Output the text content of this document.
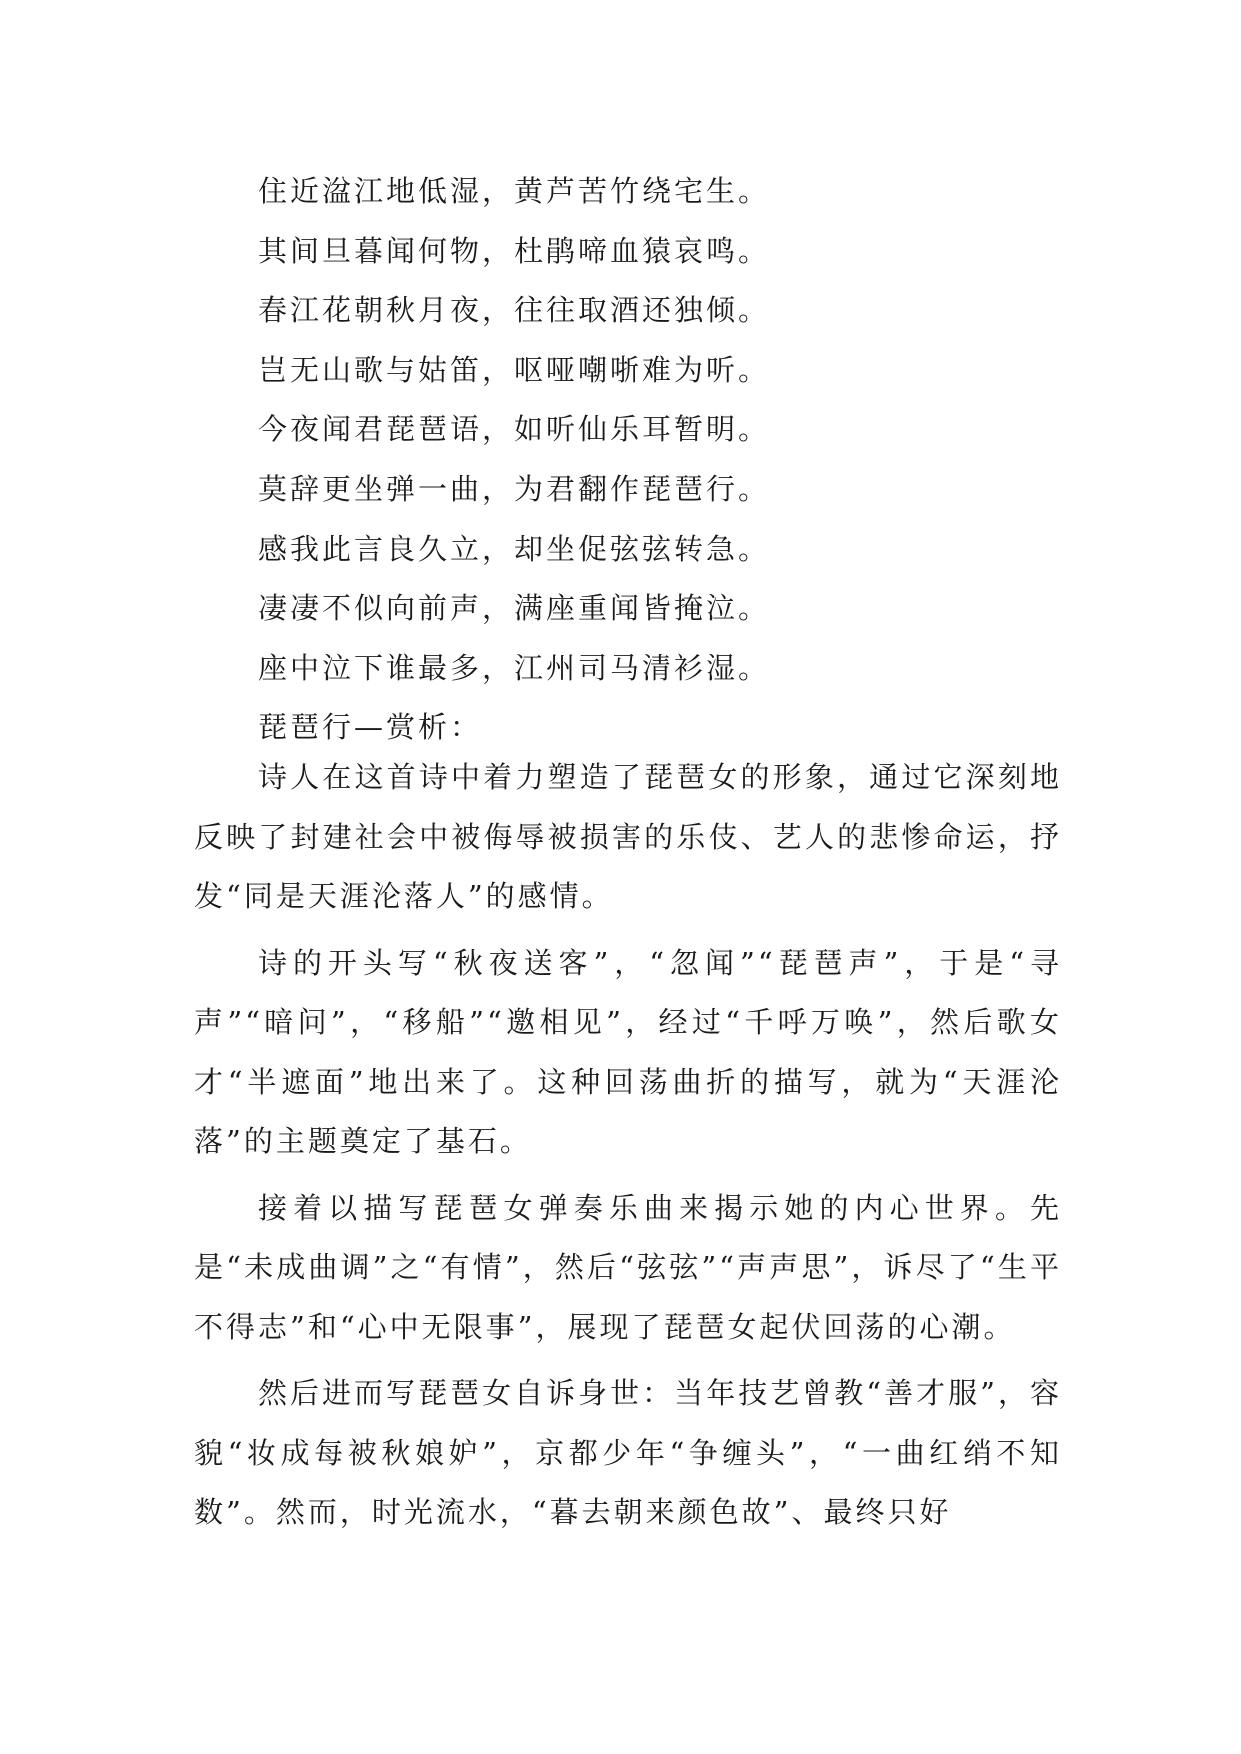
住近湓江地低湿，黄芦苦竹绕宅生。
其间旦暮闻何物，杜鹃啼血猿哀鸣。
春江花朝秋月夜，往往取酒还独倾。
岂无山歌与姑笛，呕哑嘲哳难为听。
今夜闻君琵琶语，如听仙乐耳暂明。
莫辞更坐弹一曲，为君翻作琵琶行。
感我此言良久立，却坐促弦弦转急。
凄凄不似向前声，满座重闻皆掩泣。
座中泣下谁最多，江州司马清衫湿。
琵琶行—赏析：

诗人在这首诗中着力塑造了琵琶女的形象，通过它深刻地反映了封建社会中被侮辱被损害的乐伎、艺人的悲惨命运，抒发“同是天涯沦落人”的感情。

诗的开头写“秋夜送客”，“忽闻”“琵琶声”，于是“寻声”“暗问”，“移船”“邀相见”，经过“千呼万唤”，然后歌女才“半遮面”地出来了。这种回荡曲折的描写，就为“天涯沦落”的主题奠定了基石。

接着以描写琵琶女弹奏乐曲来揭示她的内心世界。先是“未成曲调”之“有情”，然后“弦弦”“声声思”，诉尽了“生平不得志”和“心中无限事”，展现了琵琶女起伏回荡的心潮。

然后进而写琵琶女自诉身世：当年技艺曾教“善才服”，容貌“妆成每被秋娘妒”，京都少年“争缠头”，“一曲红绡不知数”。然而，时光流水，“暮去朝来颜色故”、最终只好
